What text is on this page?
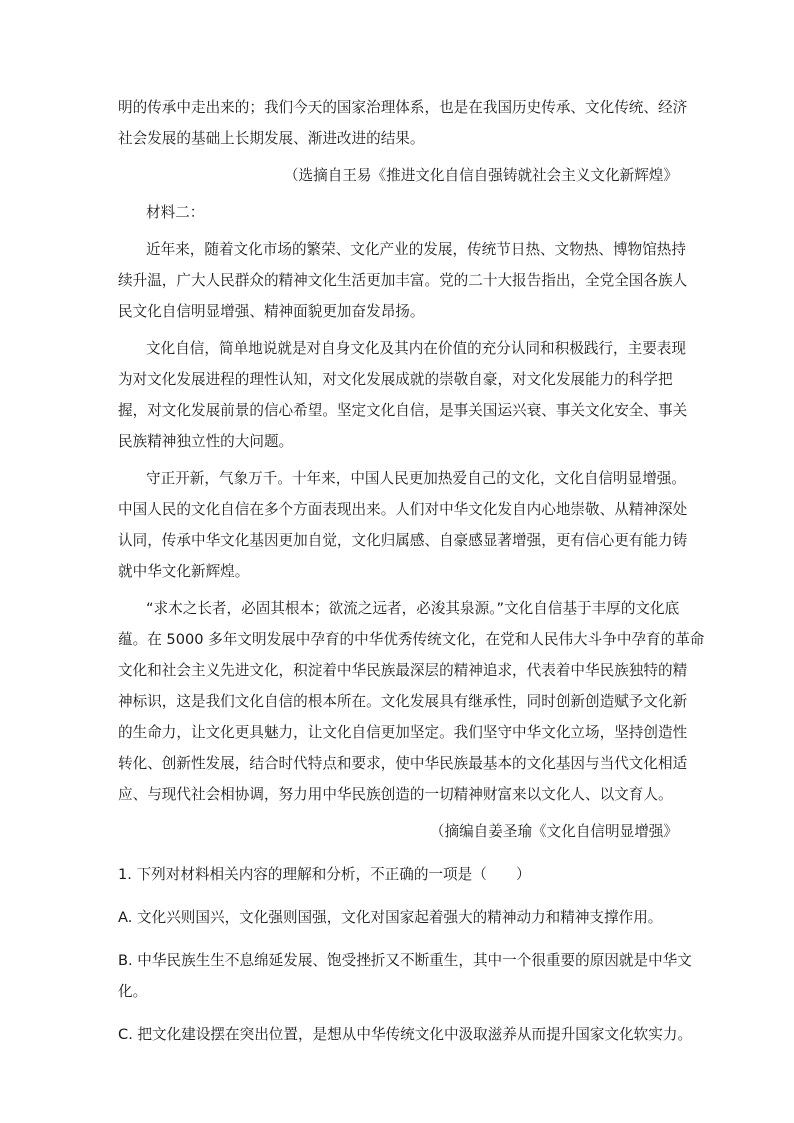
明的传承中走出来的；我们今天的国家治理体系，也是在我国历史传承、文化传统、经济

社会发展的基础上长期发展、渐进改进的结果。

（选摘自王易《推进文化自信自强铸就社会主义文化新辉煌》

材料二：

近年来，随着文化市场的繁荣、文化产业的发展，传统节日热、文物热、博物馆热持

续升温，广大人民群众的精神文化生活更加丰富。党的二十大报告指出，全党全国各族人

民文化自信明显增强、精神面貌更加奋发昂扬。

文化自信，简单地说就是对自身文化及其内在价值的充分认同和积极践行，主要表现

为对文化发展进程的理性认知，对文化发展成就的崇敬自豪，对文化发展能力的科学把

握，对文化发展前景的信心希望。坚定文化自信，是事关国运兴衰、事关文化安全、事关

民族精神独立性的大问题。

守正开新，气象万千。十年来，中国人民更加热爱自己的文化，文化自信明显增强。

中国人民的文化自信在多个方面表现出来。人们对中华文化发自内心地崇敬、从精神深处

认同，传承中华文化基因更加自觉，文化归属感、自豪感显著增强，更有信心更有能力铸

就中华文化新辉煌。

“求木之长者，必固其根本；欲流之远者，必浚其泉源。”文化自信基于丰厚的文化底

蕴。在 5000 多年文明发展中孕育的中华优秀传统文化，在党和人民伟大斗争中孕育的革命

文化和社会主义先进文化，积淀着中华民族最深层的精神追求，代表着中华民族独特的精

神标识，这是我们文化自信的根本所在。文化发展具有继承性，同时创新创造赋予文化新

的生命力，让文化更具魅力，让文化自信更加坚定。我们坚守中华文化立场，坚持创造性

转化、创新性发展，结合时代特点和要求，使中华民族最基本的文化基因与当代文化相适

应、与现代社会相协调，努力用中华民族创造的一切精神财富来以文化人、以文育人。

（摘编自姜圣瑜《文化自信明显增强》

1. 下列对材料相关内容的理解和分析，不正确的一项是（　　）

A. 文化兴则国兴，文化强则国强，文化对国家起着强大的精神动力和精神支撑作用。

B. 中华民族生生不息绵延发展、饱受挫折又不断重生，其中一个很重要的原因就是中华文

化。

C. 把文化建设摆在突出位置，是想从中华传统文化中汲取滋养从而提升国家文化软实力。
